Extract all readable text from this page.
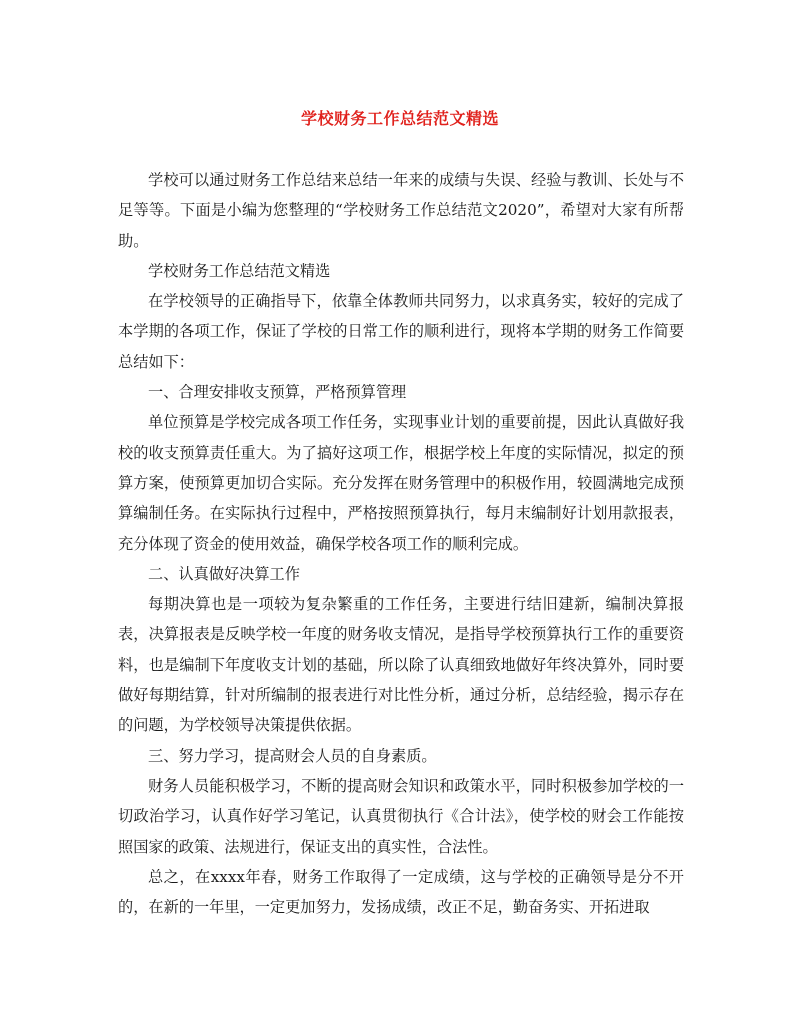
学校财务工作总结范文精选

学校可以通过财务工作总结来总结一年来的成绩与失误、经验与教训、长处与不足等等。下面是小编为您整理的“学校财务工作总结范文2020”，希望对大家有所帮助。

学校财务工作总结范文精选

在学校领导的正确指导下，依靠全体教师共同努力，以求真务实，较好的完成了本学期的各项工作，保证了学校的日常工作的顺利进行，现将本学期的财务工作简要总结如下：

一、合理安排收支预算，严格预算管理

单位预算是学校完成各项工作任务，实现事业计划的重要前提，因此认真做好我校的收支预算责任重大。为了搞好这项工作，根据学校上年度的实际情况，拟定的预算方案，使预算更加切合实际。充分发挥在财务管理中的积极作用，较圆满地完成预算编制任务。在实际执行过程中，严格按照预算执行，每月末编制好计划用款报表，充分体现了资金的使用效益，确保学校各项工作的顺利完成。

二、认真做好决算工作

每期决算也是一项较为复杂繁重的工作任务，主要进行结旧建新，编制决算报表，决算报表是反映学校一年度的财务收支情况，是指导学校预算执行工作的重要资料，也是编制下年度收支计划的基础，所以除了认真细致地做好年终决算外，同时要做好每期结算，针对所编制的报表进行对比性分析，通过分析，总结经验，揭示存在的问题，为学校领导决策提供依据。

三、努力学习，提高财会人员的自身素质。

财务人员能积极学习，不断的提高财会知识和政策水平，同时积极参加学校的一切政治学习，认真作好学习笔记，认真贯彻执行《合计法》，使学校的财会工作能按照国家的政策、法规进行，保证支出的真实性，合法性。

总之，在xxxx年春，财务工作取得了一定成绩，这与学校的正确领导是分不开的，在新的一年里，一定更加努力，发扬成绩，改正不足，勤奋务实、开拓进取
